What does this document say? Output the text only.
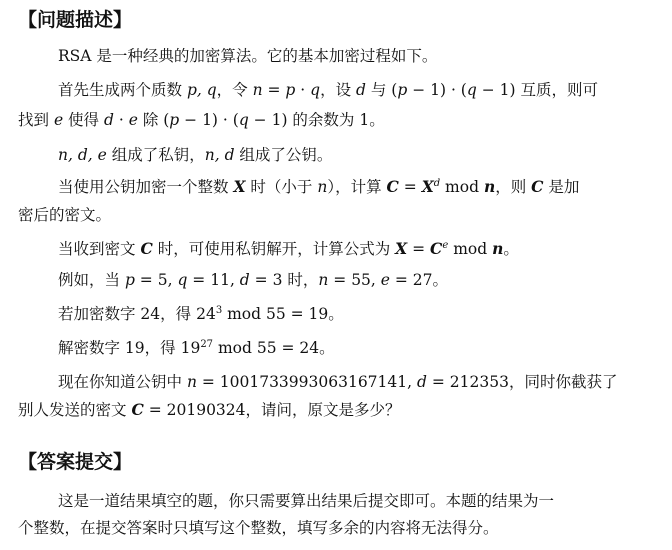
【问题描述】
RSA 是一种经典的加密算法。它的基本加密过程如下。
首先生成两个质数 p, q，令 n = p · q，设 d 与 (p − 1) · (q − 1) 互质，则可
找到 e 使得 d · e 除 (p − 1) · (q − 1) 的余数为 1。
n, d, e 组成了私钥，n, d 组成了公钥。
当使用公钥加密一个整数 X 时（小于 n），计算 $C = X^d$ mod n，则 C 是加
密后的密文。
当收到密文 C 时，可使用私钥解开，计算公式为 $X = C^e$ mod n。
例如，当 p = 5, q = 11, d = 3 时，n = 55, e = 27。
若加密数字 24，得 $24^3$ mod 55 = 19。
解密数字 19，得 $19^{27}$ mod 55 = 24。
现在你知道公钥中 n = 1001733993063167141, d = 212353，同时你截获了
别人发送的密文 C = 20190324，请问，原文是多少？
【答案提交】
这是一道结果填空的题，你只需要算出结果后提交即可。本题的结果为一
个整数，在提交答案时只填写这个整数，填写多余的内容将无法得分。
